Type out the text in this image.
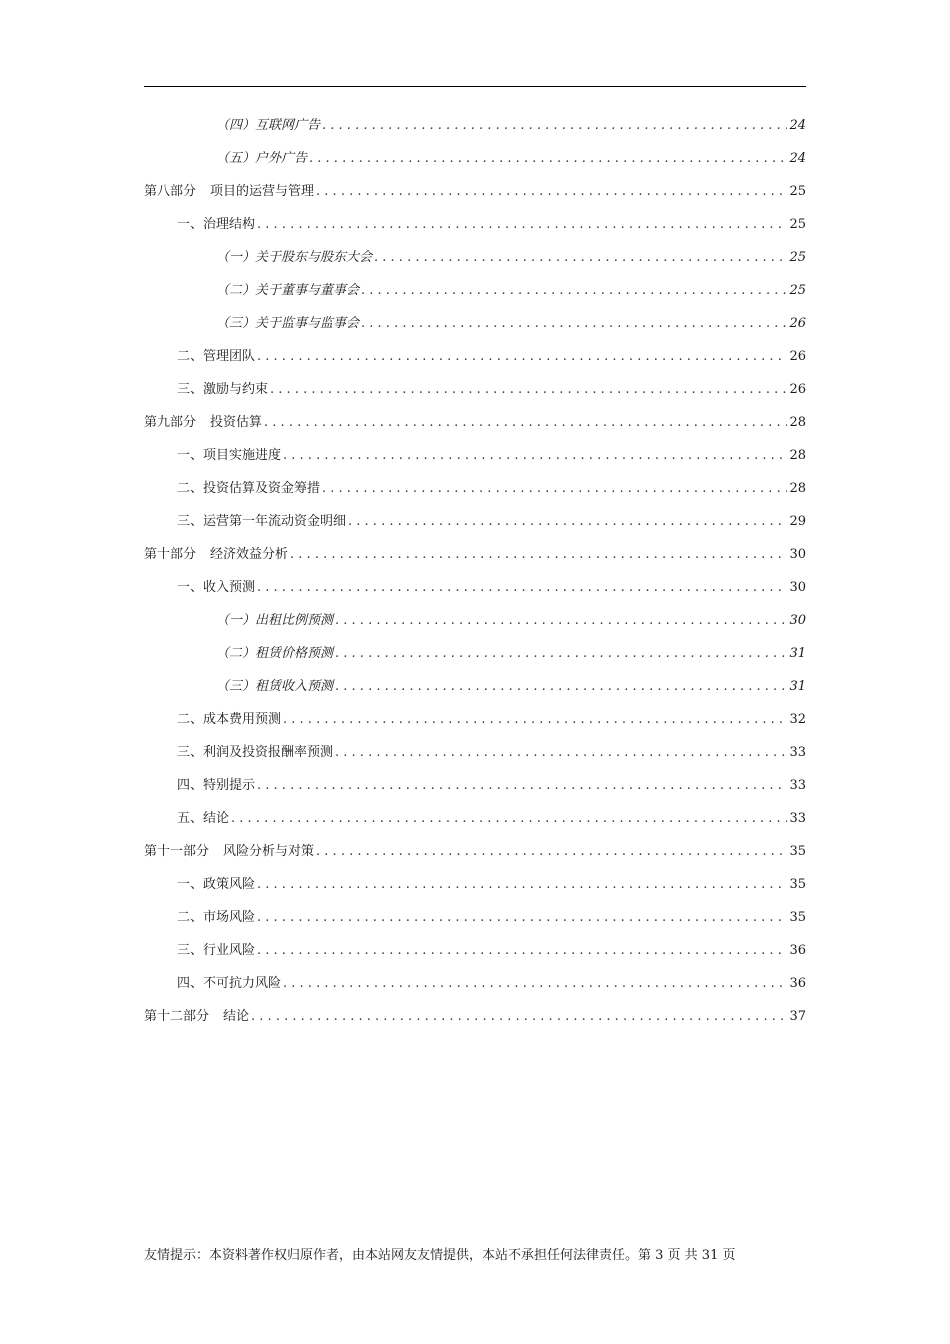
（四）互联网广告 . . .	24
（五）户外广告 . . .	24
第八部分 项目的运营与管理 . . .	25
一、治理结构 . . .	25
（一）关于股东与股东大会 . . .	25
（二）关于董事与董事会 . . .	25
（三）关于监事与监事会 . . .	26
二、管理团队 . . .	26
三、激励与约束 . . .	26
第九部分 投资估算 . . .	28
一、项目实施进度 . . .	28
二、投资估算及资金筹措 . . .	28
三、运营第一年流动资金明细 . . .	29
第十部分 经济效益分析 . . .	30
一、收入预测 . . .	30
（一）出租比例预测 . . .	30
（二）租赁价格预测 . . .	31
（三）租赁收入预测 . . .	31
二、成本费用预测 . . .	32
三、利润及投资报酬率预测 . . .	33
四、特别提示 . . .	33
五、结论 . . .	33
第十一部分 风险分析与对策 . . .	35
一、政策风险 . . .	35
二、市场风险 . . .	35
三、行业风险 . . .	36
四、不可抗力风险 . . .	36
第十二部分 结论 . . .	37
友情提示：本资料著作权归原作者，由本站网友友情提供，本站不承担任何法律责任。第 3 页 共 31 页
